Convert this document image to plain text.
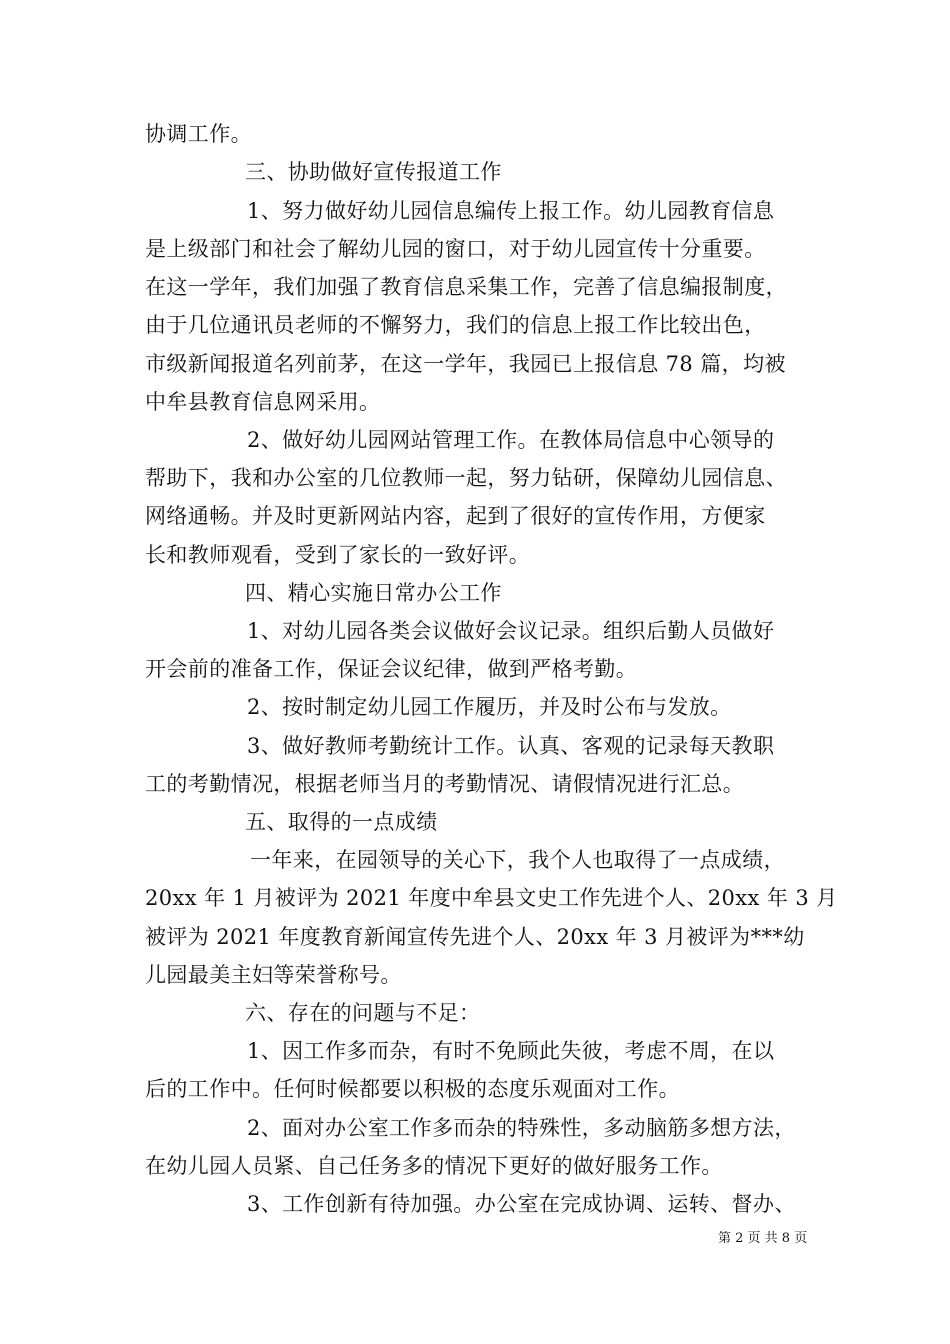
协调工作。
三、协助做好宣传报道工作
1、努力做好幼儿园信息编传上报工作。幼儿园教育信息
是上级部门和社会了解幼儿园的窗口，对于幼儿园宣传十分重要。
在这一学年，我们加强了教育信息采集工作，完善了信息编报制度，
由于几位通讯员老师的不懈努力，我们的信息上报工作比较出色，
市级新闻报道名列前茅，在这一学年，我园已上报信息 78 篇，均被
中牟县教育信息网采用。
2、做好幼儿园网站管理工作。在教体局信息中心领导的
帮助下，我和办公室的几位教师一起，努力钻研，保障幼儿园信息、
网络通畅。并及时更新网站内容，起到了很好的宣传作用，方便家
长和教师观看，受到了家长的一致好评。
四、精心实施日常办公工作
1、对幼儿园各类会议做好会议记录。组织后勤人员做好
开会前的准备工作，保证会议纪律，做到严格考勤。
2、按时制定幼儿园工作履历，并及时公布与发放。
3、做好教师考勤统计工作。认真、客观的记录每天教职
工的考勤情况，根据老师当月的考勤情况、请假情况进行汇总。
五、取得的一点成绩
一年来，在园领导的关心下，我个人也取得了一点成绩，
20xx 年 1 月被评为 2021 年度中牟县文史工作先进个人、20xx 年 3 月
被评为 2021 年度教育新闻宣传先进个人、20xx 年 3 月被评为***幼
儿园最美主妇等荣誉称号。
六、存在的问题与不足：
1、因工作多而杂，有时不免顾此失彼，考虑不周，在以
后的工作中。任何时候都要以积极的态度乐观面对工作。
2、面对办公室工作多而杂的特殊性，多动脑筋多想方法，
在幼儿园人员紧、自己任务多的情况下更好的做好服务工作。
3、工作创新有待加强。办公室在完成协调、运转、督办、
第 2 页 共 8 页
